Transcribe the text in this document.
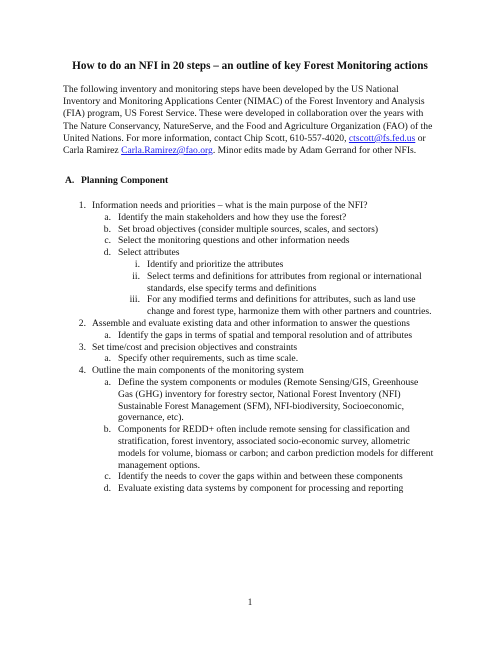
How to do an NFI in 20 steps – an outline of key Forest Monitoring actions
The following inventory and monitoring steps have been developed by the US National
Inventory and Monitoring Applications Center (NIMAC) of the Forest Inventory and Analysis
(FIA) program, US Forest Service. These were developed in collaboration over the years with
The Nature Conservancy, NatureServe, and the Food and Agriculture Organization (FAO) of the
United Nations. For more information, contact Chip Scott, 610-557-4020, ctscott@fs.fed.us or
Carla Ramirez Carla.Ramirez@fao.org. Minor edits made by Adam Gerrand for other NFIs.
A. Planning Component
1. Information needs and priorities – what is the main purpose of the NFI?
a. Identify the main stakeholders and how they use the forest?
b. Set broad objectives (consider multiple sources, scales, and sectors)
c. Select the monitoring questions and other information needs
d. Select attributes
i. Identify and prioritize the attributes
ii. Select terms and definitions for attributes from regional or international
standards, else specify terms and definitions
iii. For any modified terms and definitions for attributes, such as land use
change and forest type, harmonize them with other partners and countries.
2. Assemble and evaluate existing data and other information to answer the questions
a. Identify the gaps in terms of spatial and temporal resolution and of attributes
3. Set time/cost and precision objectives and constraints
a. Specify other requirements, such as time scale.
4. Outline the main components of the monitoring system
a. Define the system components or modules (Remote Sensing/GIS, Greenhouse
Gas (GHG) inventory for forestry sector, National Forest Inventory (NFI)
Sustainable Forest Management (SFM), NFI-biodiversity, Socioeconomic,
governance, etc).
b. Components for REDD+ often include remote sensing for classification and
stratification, forest inventory, associated socio-economic survey, allometric
models for volume, biomass or carbon; and carbon prediction models for different
management options.
c. Identify the needs to cover the gaps within and between these components
d. Evaluate existing data systems by component for processing and reporting
1
